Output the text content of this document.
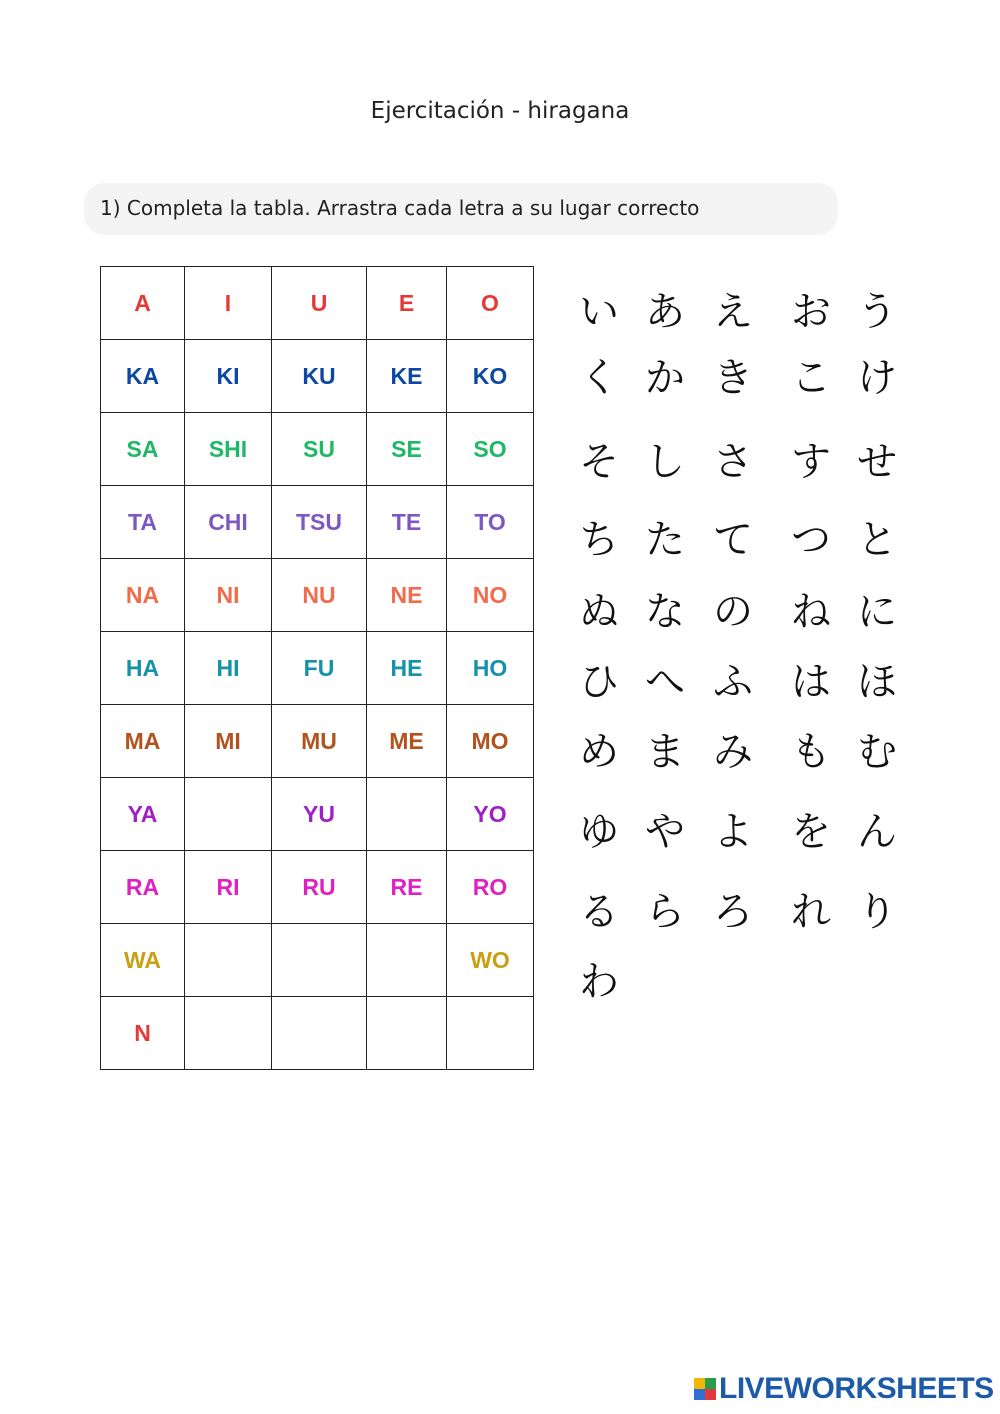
Ejercitación - hiragana
1) Completa la tabla. Arrastra cada letra a su lugar correcto
A	I	U	E	O
KA	KI	KU	KE	KO
SA	SHI	SU	SE	SO
TA	CHI	TSU	TE	TO
NA	NI	NU	NE	NO
HA	HI	FU	HE	HO
MA	MI	MU	ME	MO
YA		YU		YO
RA	RI	RU	RE	RO
WA				WO
N				
い あ え お う
く か き こ け
そ し さ す せ
ち た て つ と
ぬ な の ね に
ひ へ ふ は ほ
め ま み も む
ゆ や よ を ん
る ら ろ れ り
わ
LIVEWORKSHEETS
